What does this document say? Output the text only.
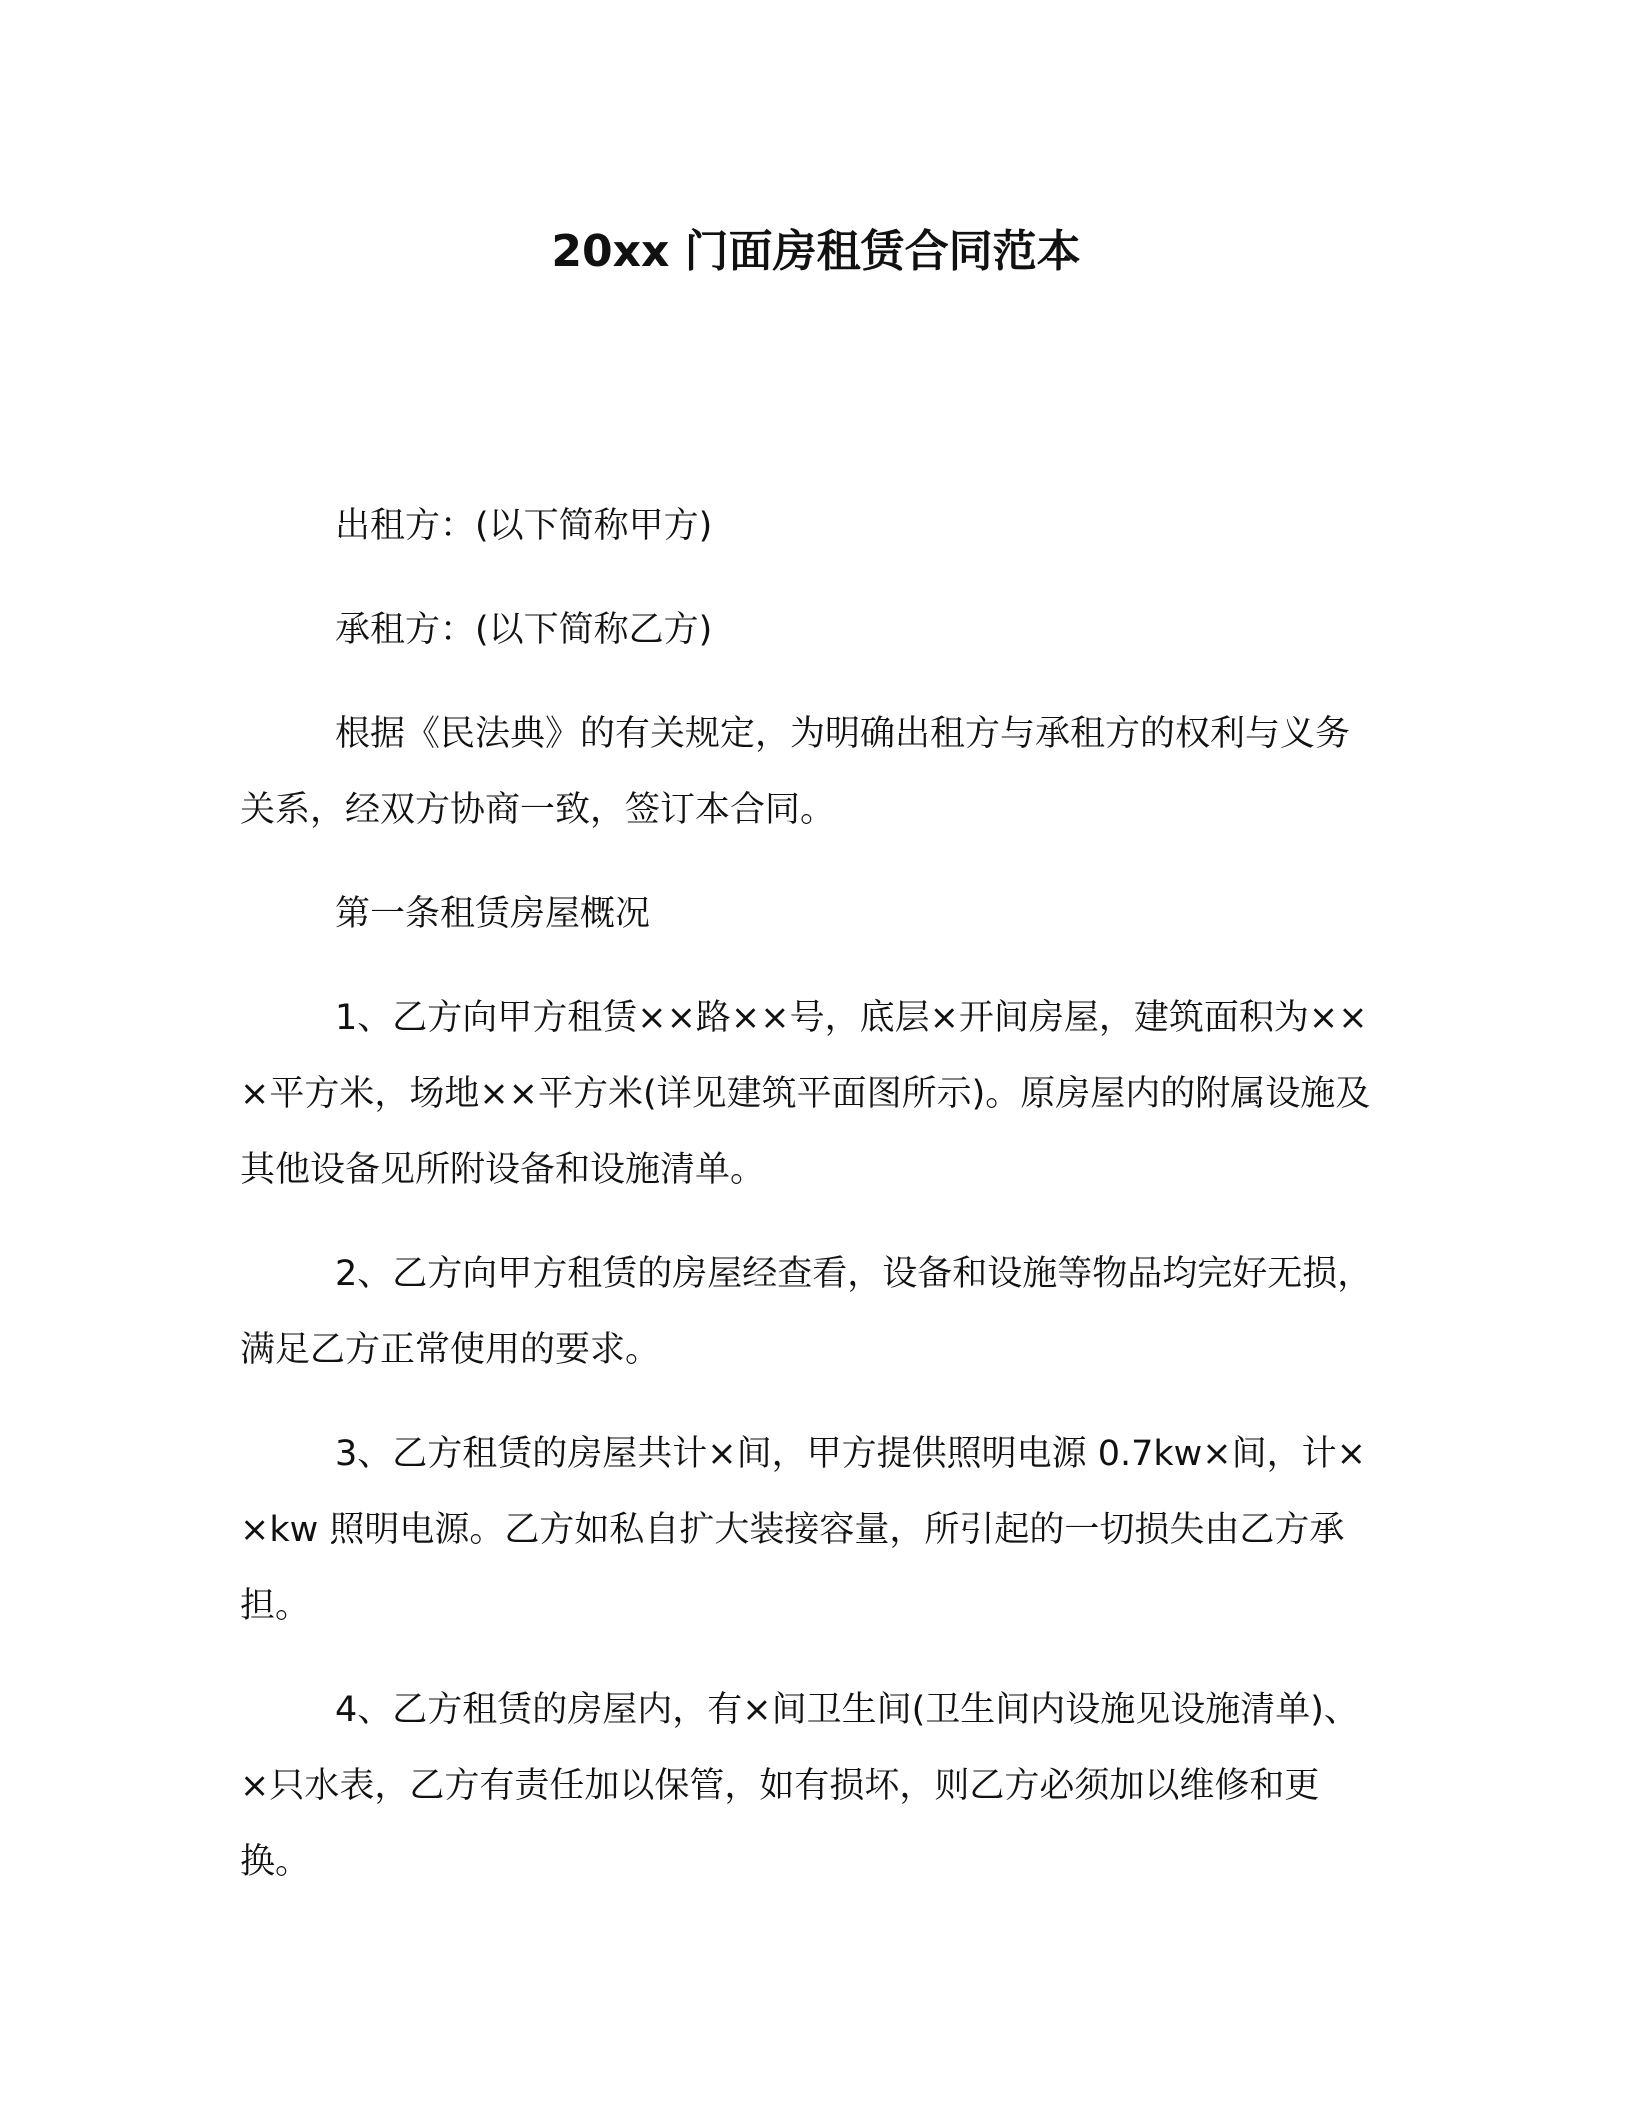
20xx 门面房租赁合同范本

出租方：(以下简称甲方)

承租方：(以下简称乙方)

根据《民法典》的有关规定，为明确出租方与承租方的权利与义务关系，经双方协商一致，签订本合同。

第一条租赁房屋概况

1、乙方向甲方租赁××路××号，底层×开间房屋，建筑面积为×××平方米，场地××平方米(详见建筑平面图所示)。原房屋内的附属设施及其他设备见所附设备和设施清单。

2、乙方向甲方租赁的房屋经查看，设备和设施等物品均完好无损，满足乙方正常使用的要求。

3、乙方租赁的房屋共计×间，甲方提供照明电源 0.7kw×间，计××kw 照明电源。乙方如私自扩大装接容量，所引起的一切损失由乙方承担。

4、乙方租赁的房屋内，有×间卫生间(卫生间内设施见设施清单)、×只水表，乙方有责任加以保管，如有损坏，则乙方必须加以维修和更换。
